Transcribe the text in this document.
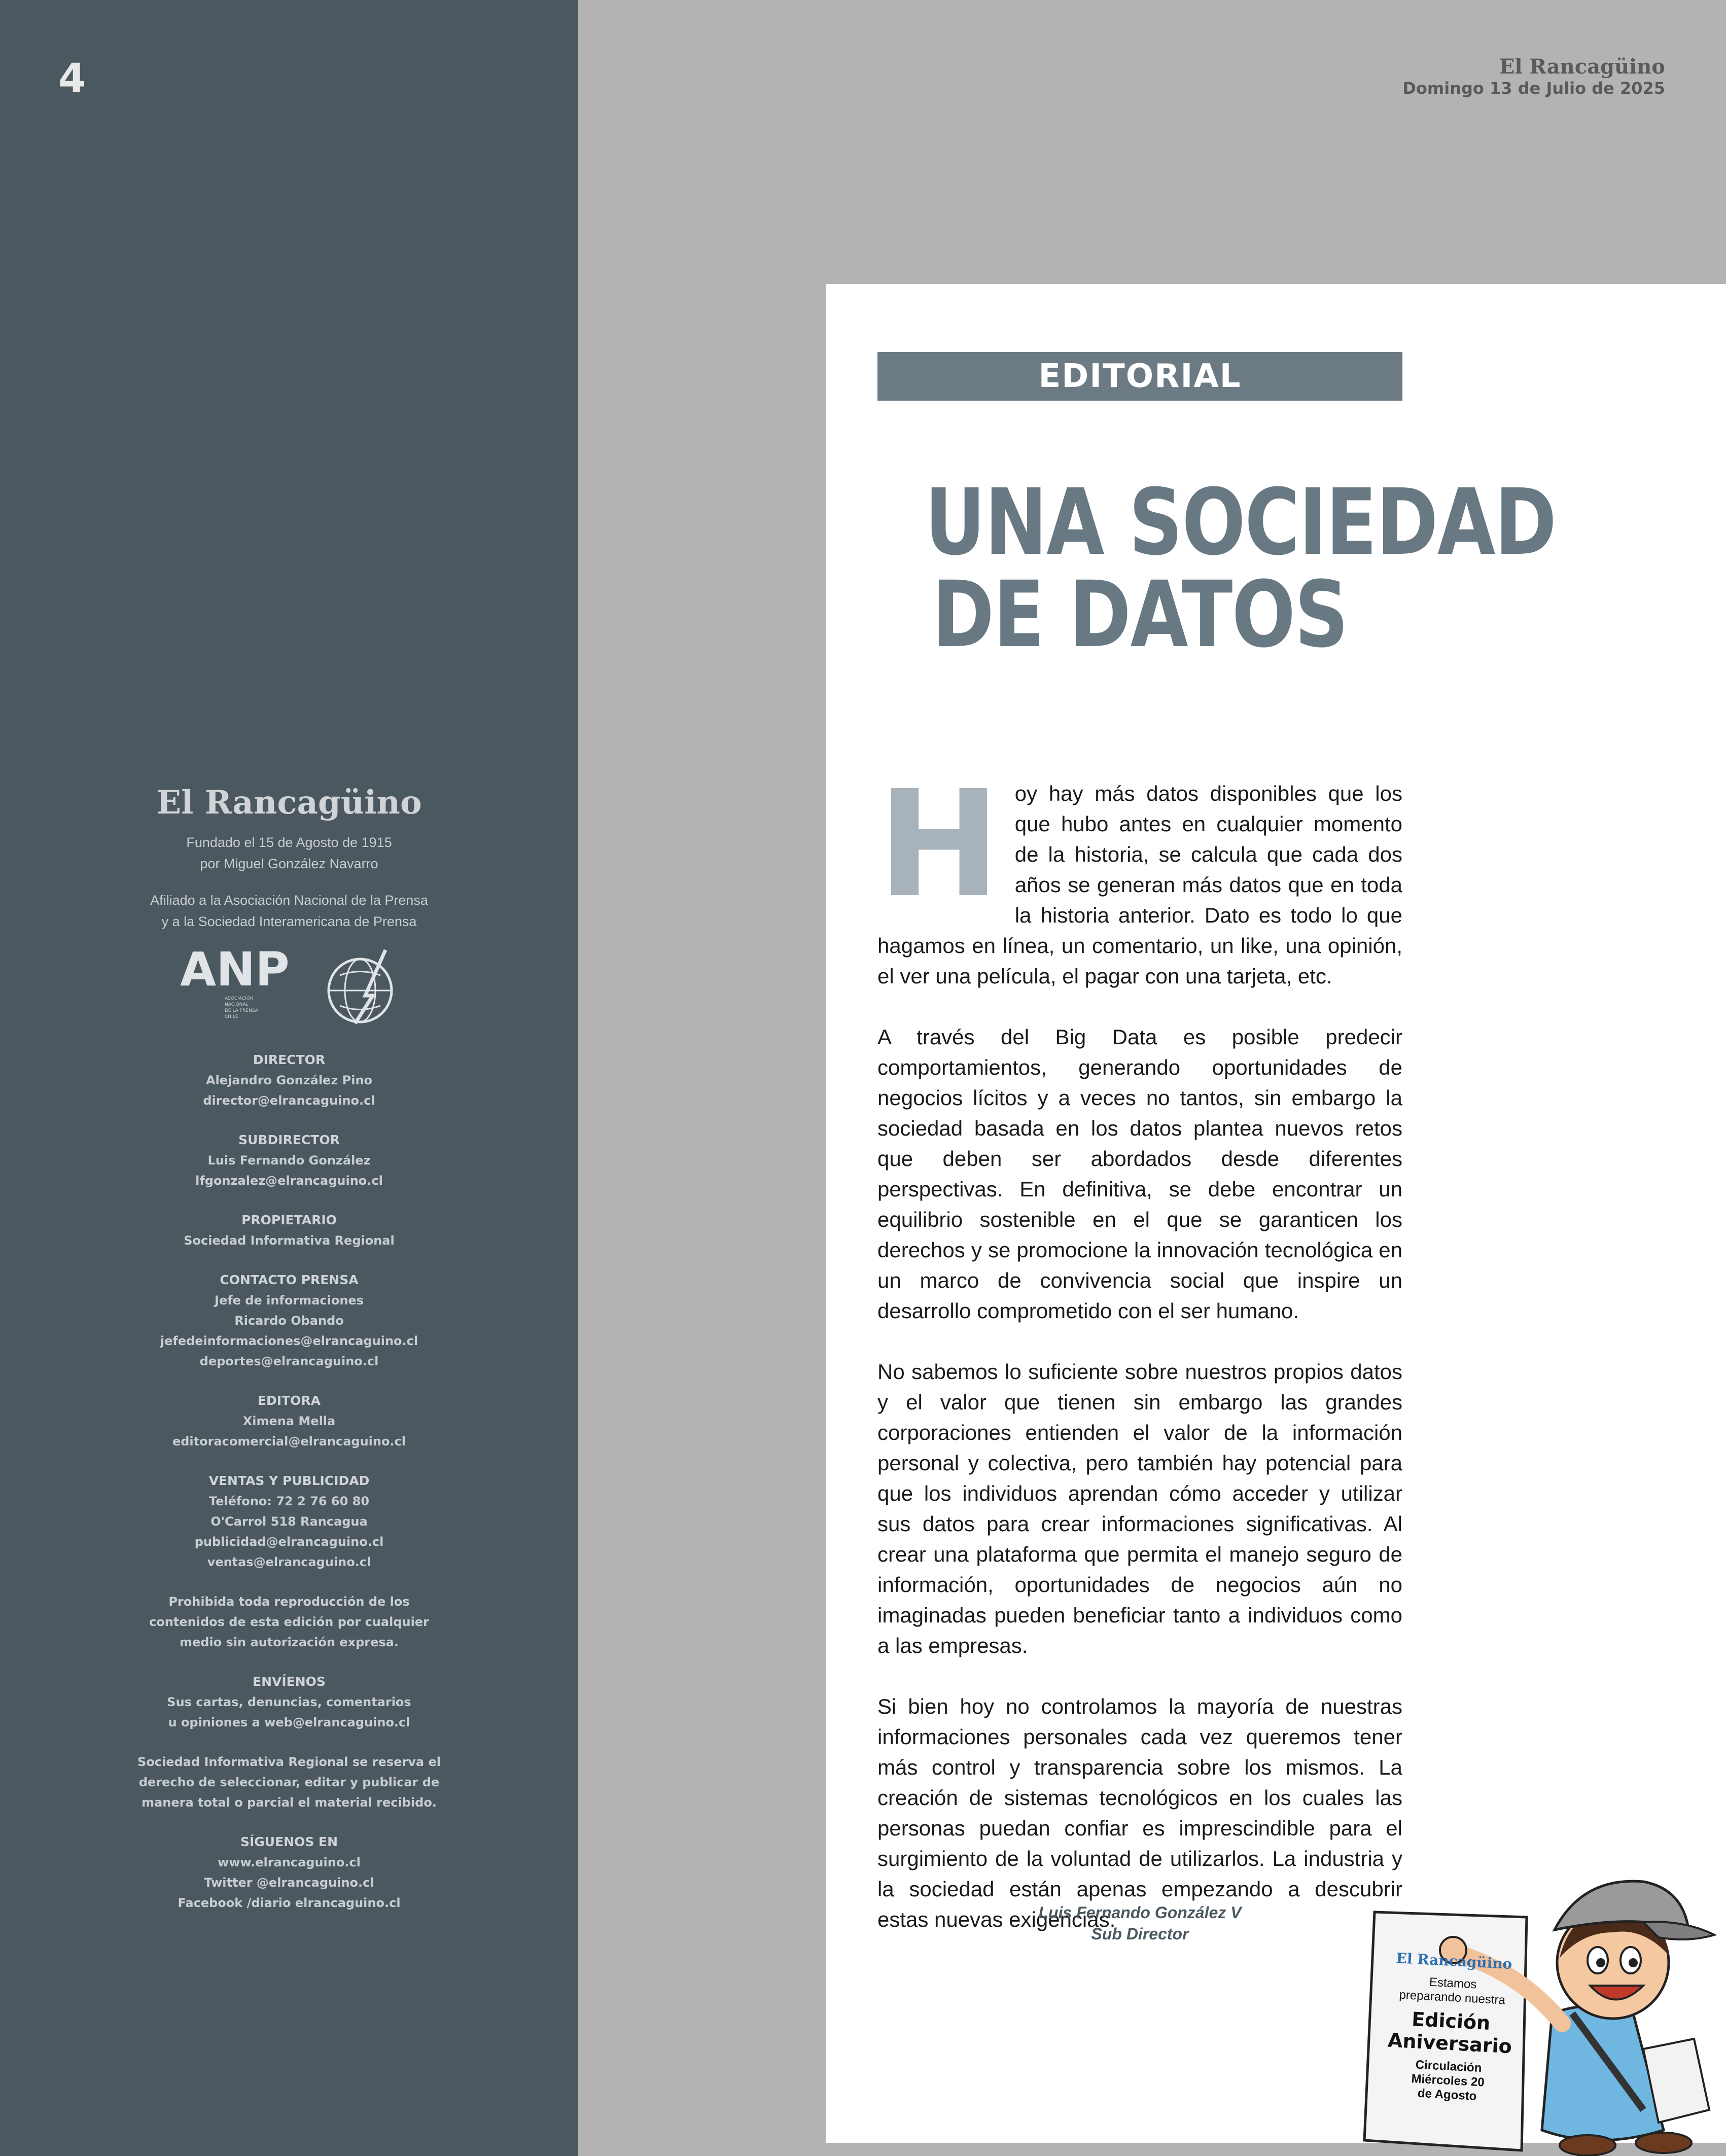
4
El Rancagüino
Fundado el 15 de Agosto de 1915
por Miguel González Navarro
Afiliado a la Asociación Nacional de la Prensa
y a la Sociedad Interamericana de Prensa
ANP
ASOCIACIÓN
NACIONAL
DE LA PRENSA
CHILE
DIRECTOR
Alejandro González Pino
director@elrancaguino.cl
SUBDIRECTOR
Luis Fernando González
lfgonzalez@elrancaguino.cl
PROPIETARIO
Sociedad Informativa Regional
CONTACTO PRENSA
Jefe de informaciones
Ricardo Obando
jefedeinformaciones@elrancaguino.cl
deportes@elrancaguino.cl
EDITORA
Ximena Mella
editoracomercial@elrancaguino.cl
VENTAS Y PUBLICIDAD
Teléfono: 72 2 76 60 80
O'Carrol 518 Rancagua
publicidad@elrancaguino.cl
ventas@elrancaguino.cl
Prohibida toda reproducción de los
contenidos de esta edición por cualquier
medio sin autorización expresa.
ENVÍENOS
Sus cartas, denuncias, comentarios
u opiniones a web@elrancaguino.cl
Sociedad Informativa Regional se reserva el
derecho de seleccionar, editar y publicar de
manera total o parcial el material recibido.
SÍGUENOS EN
www.elrancaguino.cl
Twitter @elrancaguino.cl
Facebook /diario elrancaguino.cl
El Rancagüino
Domingo 13 de Julio de 2025
EDITORIAL
UNA SOCIEDAD
DE DATOS

Hoy hay más datos disponibles que los que hubo antes en cualquier momento de la historia, se calcula que cada dos años se generan más datos que en toda la historia anterior. Dato es todo lo que hagamos en línea, un comentario, un like, una opinión, el ver una película, el pagar con una tarjeta, etc.

A través del Big Data es posible predecir comportamientos, generando oportunidades de negocios lícitos y a veces no tantos, sin embargo la sociedad basada en los datos plantea nuevos retos que deben ser abordados desde diferentes perspectivas. En definitiva, se debe encontrar un equilibrio sostenible en el que se garanticen los derechos y se promocione la innovación tecnológica en un marco de convivencia social que inspire un desarrollo comprometido con el ser humano.

No sabemos lo suficiente sobre nuestros propios datos y el valor que tienen sin embargo las grandes corporaciones entienden el valor de la información personal y colectiva, pero también hay potencial para que los individuos aprendan cómo acceder y utilizar sus datos para crear informaciones significativas. Al crear una plataforma que permita el manejo seguro de información, oportunidades de negocios aún no imaginadas pueden beneficiar tanto a individuos como a las empresas.

Si bien hoy no controlamos la mayoría de nuestras informaciones personales cada vez queremos tener más control y transparencia sobre los mismos. La creación de sistemas tecnológicos en los cuales las personas puedan confiar es imprescindible para el surgimiento de la voluntad de utilizarlos. La industria y la sociedad están apenas empezando a descubrir estas nuevas exigencias.

Luis Fernando González V
Sub Director
El Rancagüino
Estamos
preparando nuestra
Edición
Aniversario
Circulación
Miércoles 20
de Agosto
